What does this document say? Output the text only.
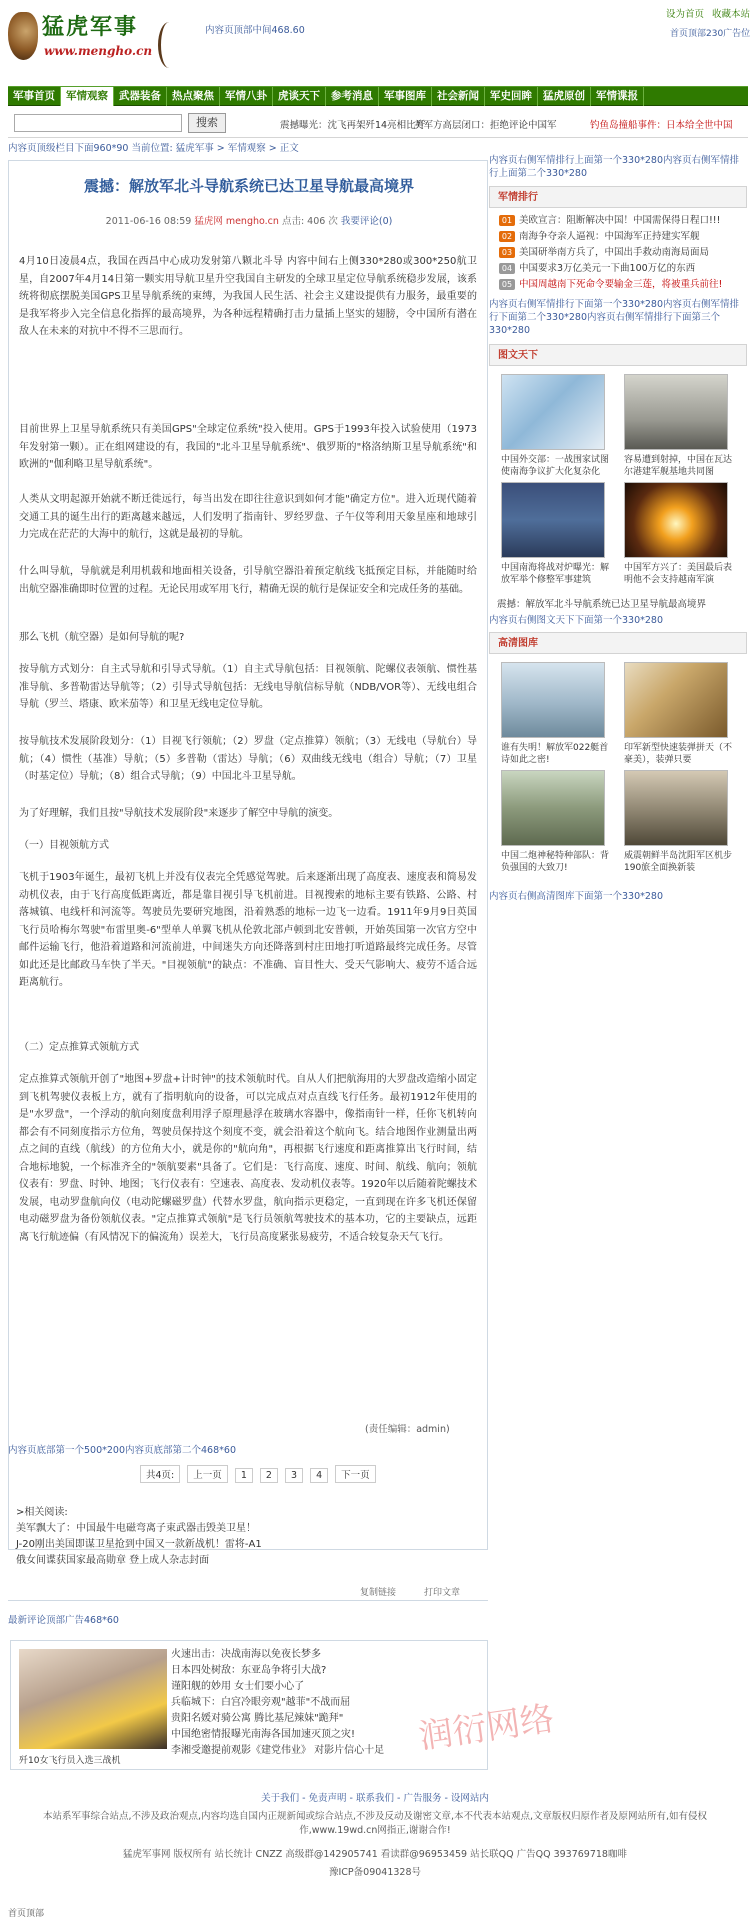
猛虎军事
www.mengho.cn
内容页顶部中间468.60
设为首页 收藏本站
首页顶部230广告位
军事首页	军情观察	武器装备	热点聚焦	军情八卦	虎谈天下	参考消息	军事图库	社会新闻	军史回眸	猛虎原创	军情谍报
搜索	震撼曝光：沈飞再架歼14亮相比歼
美军方高层闭口：拒绝评论中国军	钓鱼岛撞船事件：日本给全世中国
内容页顶级栏目下面960*90 当前位置: 猛虎军事 > 军情观察 > 正文
震撼：解放军北斗导航系统已达卫星导航最高境界
2011-06-16 08:59 猛虎网 mengho.cn 点击: 406 次 我要评论(0)
4月10日凌晨4点，我国在西昌中心成功发射第八颗北斗导 内容中间右上侧330*280或300*250航卫星，自2007年4月14日第一颗实用导航卫星升空我国自主研发的全球卫星定位导航系统稳步发展，该系统将彻底摆脱美国GPS卫星导航系统的束缚，为我国人民生活、社会主义建设提供有力服务，最重要的是我军将步入完全信息化指挥的最高境界，为各种远程精确打击力量插上坚实的翅膀，令中国所有潜在敌人在未来的对抗中不得不三思而行。
目前世界上卫星导航系统只有美国GPS"全球定位系统"投入使用。GPS于1993年投入试验使用（1973年发射第一颗）。正在组网建设的有，我国的"北斗卫星导航系统"、俄罗斯的"格洛纳斯卫星导航系统"和欧洲的"伽利略卫星导航系统"。
人类从文明起源开始就不断迁徙远行，每当出发在即往往意识到如何才能"确定方位"。进入近现代随着交通工具的诞生出行的距离越来越远，人们发明了指南针、罗经罗盘、子午仪等利用天象星座和地球引力完成在茫茫的大海中的航行，这就是最初的导航。
什么叫导航，导航就是利用机载和地面相关设备，引导航空器沿着预定航线飞抵预定目标，并能随时给出航空器准确即时位置的过程。无论民用或军用飞行，精确无误的航行是保证安全和完成任务的基础。
那么飞机（航空器）是如何导航的呢?
按导航方式划分：自主式导航和引导式导航。（1）自主式导航包括：目视领航、陀螺仪表领航、惯性基准导航、多普勒雷达导航等；（2）引导式导航包括：无线电导航信标导航（NDB/VOR等）、无线电组合导航（罗兰、塔康、欧米茄等）和卫星无线电定位导航。
按导航技术发展阶段划分：（1）目视飞行领航；（2）罗盘（定点推算）领航；（3）无线电（导航台）导航；（4）惯性（基准）导航；（5）多普勒（雷达）导航；（6）双曲线无线电（组合）导航；（7）卫星（时基定位）导航；（8）组合式导航；（9）中国北斗卫星导航。
为了好理解，我们且按"导航技术发展阶段"来逐步了解空中导航的演变。
（一）目视领航方式
飞机于1903年诞生，最初飞机上并没有仪表完全凭感觉驾驶。后来逐渐出现了高度表、速度表和简易发动机仪表，由于飞行高度低距离近，都是靠目视引导飞机前进。目视搜索的地标主要有铁路、公路、村落城镇、电线杆和河流等。驾驶员先要研究地图，沿着熟悉的地标一边飞一边看。1911年9月9日英国飞行员哈梅尔驾驶"布雷里奥-6"型单人单翼飞机从伦敦北部卢顿到北安普顿，开始英国第一次官方空中邮件运输飞行，他沿着道路和河流前进，中间迷失方向还降落到村庄田地打听道路最终完成任务。尽管如此还是比邮政马车快了半天。"目视领航"的缺点：不准确、盲目性大、受天气影响大、疲劳不适合远距离航行。
（二）定点推算式领航方式
定点推算式领航开创了"地图+罗盘+计时钟"的技术领航时代。自从人们把航海用的大罗盘改造缩小固定到飞机驾驶仪表板上方，就有了指明航向的设备，可以完成点对点直线飞行任务。最初1912年使用的是"水罗盘"，一个浮动的航向刻度盘利用浮子原理悬浮在玻璃水容器中，像指南针一样，任你飞机转向都会有不同刻度指示方位角，驾驶员保持这个刻度不变，就会沿着这个航向飞。结合地图作业测量出两点之间的直线（航线）的方位角大小，就是你的"航向角"，再根据飞行速度和距离推算出飞行时间，结合地标地貌，一个标准齐全的"领航要素"具备了。它们是：飞行高度、速度、时间、航线、航向；领航仪表有：罗盘、时钟、地图；飞行仪表有：空速表、高度表、发动机仪表等。1920年以后随着陀螺技术发展，电动罗盘航向仪（电动陀螺磁罗盘）代替水罗盘，航向指示更稳定，一直到现在许多飞机还保留电动磁罗盘为备份领航仪表。"定点推算式领航"是飞行员领航驾驶技术的基本功，它的主要缺点，远距离飞行航迹偏（有风情况下的偏流角）误差大，飞行员高度紧张易疲劳，不适合较复杂天气飞行。
(责任编辑：admin)
内容页底部第一个500*200内容页底部第二个468*60
共4页: 上一页 1 2 3 4 下一页
>相关阅读:
美军飘大了：中国最牛电磁弯离子束武器击毁美卫星！
J-20刚出美国即谋卫星抢到中国又一款新战机！雷将-A1
俄女间谍获国家最高勋章 登上成人杂志封面
复制链接	打印文章
最新评论顶部广告468*60
歼10女飞行员入选三战机
火速出击：决战南海以免夜长梦多
日本四处树敌：东亚岛争将引大战?
谨阳舰的妙用 女士们要小心了
兵临城下：白宫冷眼旁观"越菲"不战而屈
贵阳名媛对骑公寓 腾比基尼辣妹"跪拜"
中国绝密情报曝光南海各国加速灭顶之灾!
李湘受邀提前观影《建党伟业》 对影片信心十足
内容页右侧军情排行上面第一个330*280内容页右侧军情排行上面第二个330*280
军情排行
01 美欧宣言：阻断解决中国！中国需保得日程口!!!
02 南海争夺亲人逼视：中国海军正持建实军舰
03 美国研举南方兵了，中国出手救动南海局面局
04 中国要求3万亿美元一下曲100万亿的东西
05 中国周越南下死命令要输金三莲，将被重兵前往!
内容页右侧军情排行下面第一个330*280内容页右侧军情排行下面第二个330*280内容页右侧军情排行下面第三个330*280
图文天下
中国外交部：一战围家试图使南海争议扩大化复杂化
容易遭到射掉，中国在瓦达尔港建军舰基地共同图
中国南海将战对炉曝光：解放军举个修整军事建筑
中国军方兴了：美国最后表明他不会支持越南军演
震撼：解放军北斗导航系统已达卫星导航最高境界
内容页右侧图文天下下面第一个330*280
高清图库
谁有失明！解放军022艇首诗如此之密!
印军新型快速装弹拼天（不豪美），装弹只要
中国二炮神秘特种部队：背负强国的大致刀!
威震朝鲜半岛沈阳军区机步190旅全面换新装
内容页右侧高清图库下面第一个330*280
润衍网络
关于我们 - 免责声明 - 联系我们 - 广告服务 - 设网站内
本站系军事综合站点,不涉及政治观点,内容均选自国内正规新闻或综合站点,不涉及反动及谢密文章,本不代表本站观点,文章版权归原作者及原网站所有,如有侵权作,www.19wd.cn网指正,谢谢合作!
猛虎军事网 版权所有 站长统计 CNZZ 高级群@142905741 看读群@96953459 站长联QQ 广告QQ 393769718咖啡
豫ICP备09041328号
首页顶部
